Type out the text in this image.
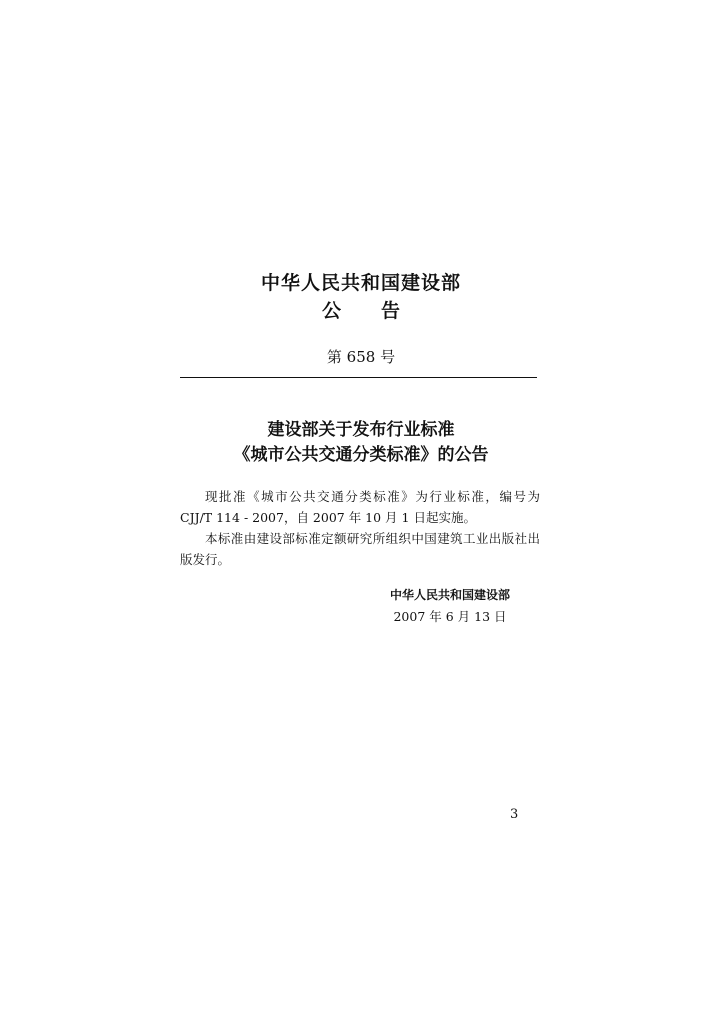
中华人民共和国建设部
公告
第 658 号
建设部关于发布行业标准
《城市公共交通分类标准》的公告

现批准《城市公共交通分类标准》为行业标准，编号为 CJJ/T 114 - 2007，自 2007 年 10 月 1 日起实施。

本标准由建设部标准定额研究所组织中国建筑工业出版社出版发行。

中华人民共和国建设部
2007 年 6 月 13 日
3
